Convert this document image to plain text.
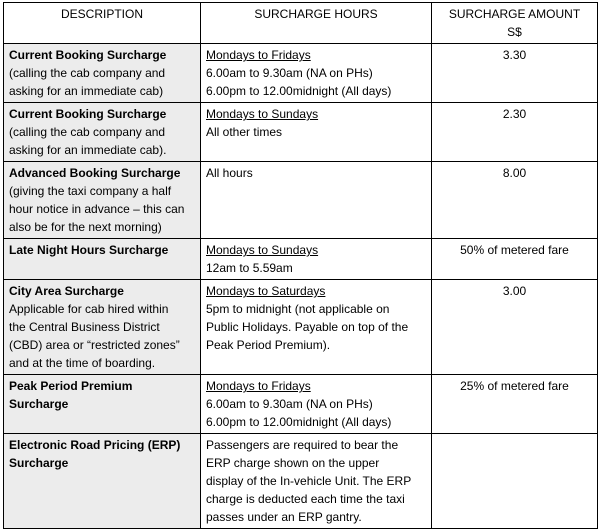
DESCRIPTION	SURCHARGE HOURS	SURCHARGE AMOUNT
S$

Current Booking Surcharge
(calling the cab company and
asking for an immediate cab)	Mondays to Fridays
6.00am to 9.30am (NA on PHs)
6.00pm to 12.00midnight (All days)	3.30

Current Booking Surcharge
(calling the cab company and
asking for an immediate cab).	Mondays to Sundays
All other times	2.30

Advanced Booking Surcharge
(giving the taxi company a half
hour notice in advance – this can
also be for the next morning)	All hours	8.00

Late Night Hours Surcharge	Mondays to Sundays
12am to 5.59am	50% of metered fare

City Area Surcharge
Applicable for cab hired within
the Central Business District
(CBD) area or “restricted zones”
and at the time of boarding.	Mondays to Saturdays
5pm to midnight (not applicable on
Public Holidays. Payable on top of the
Peak Period Premium).	3.00

Peak Period Premium Surcharge	Mondays to Fridays
6.00am to 9.30am (NA on PHs)
6.00pm to 12.00midnight (All days)	25% of metered fare

Electronic Road Pricing (ERP) Surcharge	Passengers are required to bear the
ERP charge shown on the upper
display of the In-vehicle Unit. The ERP
charge is deducted each time the taxi
passes under an ERP gantry.	
